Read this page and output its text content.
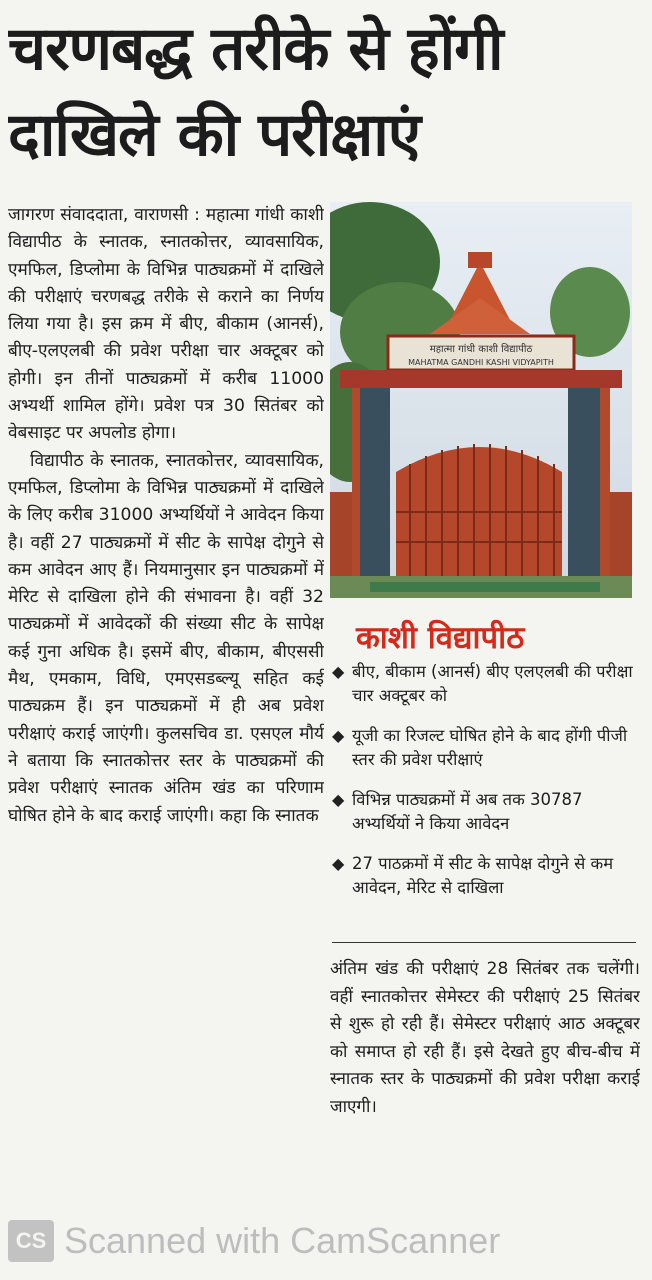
चरणबद्ध तरीके से होंगी
दाखिले की परीक्षाएं

जागरण संवाददाता, वाराणसी : महात्मा गांधी काशी विद्यापीठ के स्नातक, स्नातकोत्तर, व्यावसायिक, एमफिल, डिप्लोमा के विभिन्न पाठ्यक्रमों में दाखिले की परीक्षाएं चरणबद्ध तरीके से कराने का निर्णय लिया गया है। इस क्रम में बीए, बीकाम (आनर्स), बीए-एलएलबी की प्रवेश परीक्षा चार अक्टूबर को होगी। इन तीनों पाठ्यक्रमों में करीब 11000 अभ्यर्थी शामिल होंगे। प्रवेश पत्र 30 सितंबर को वेबसाइट पर अपलोड होगा।

विद्यापीठ के स्नातक, स्नातकोत्तर, व्यावसायिक, एमफिल, डिप्लोमा के विभिन्न पाठ्यक्रमों में दाखिले के लिए करीब 31000 अभ्यर्थियों ने आवेदन किया है। वहीं 27 पाठ्यक्रमों में सीट के सापेक्ष दोगुने से कम आवेदन आए हैं। नियमानुसार इन पाठ्यक्रमों में मेरिट से दाखिला होने की संभावना है। वहीं 32 पाठ्यक्रमों में आवेदकों की संख्या सीट के सापेक्ष कई गुना अधिक है। इसमें बीए, बीकाम, बीएससी मैथ, एमकाम, विधि, एमएसडब्ल्यू सहित कई पाठ्यक्रम हैं। इन पाठ्यक्रमों में ही अब प्रवेश परीक्षाएं कराई जाएंगी। कुलसचिव डा. एसएल मौर्य ने बताया कि स्नातकोत्तर स्तर के पाठ्यक्रमों की प्रवेश परीक्षाएं स्नातक अंतिम खंड का परिणाम घोषित होने के बाद कराई जाएंगी। कहा कि स्नातक

महात्मा गांधी काशी विद्यापीठ
MAHATMA GANDHI KASHI VIDYAPITH
काशी विद्यापीठ
◆ बीए, बीकाम (आनर्स) बीए एलएलबी की परीक्षा चार अक्टूबर को
◆ यूजी का रिजल्ट घोषित होने के बाद होंगी पीजी स्तर की प्रवेश परीक्षाएं
◆ विभिन्न पाठ्यक्रमों में अब तक 30787 अभ्यर्थियों ने किया आवेदन
◆ 27 पाठक्रमों में सीट के सापेक्ष दोगुने से कम आवेदन, मेरिट से दाखिला

अंतिम खंड की परीक्षाएं 28 सितंबर तक चलेंगी। वहीं स्नातकोत्तर सेमेस्टर की परीक्षाएं 25 सितंबर से शुरू हो रही हैं। सेमेस्टर परीक्षाएं आठ अक्टूबर को समाप्त हो रही हैं। इसे देखते हुए बीच-बीच में स्नातक स्तर के पाठ्यक्रमों की प्रवेश परीक्षा कराई जाएगी।

CS Scanned with CamScanner
